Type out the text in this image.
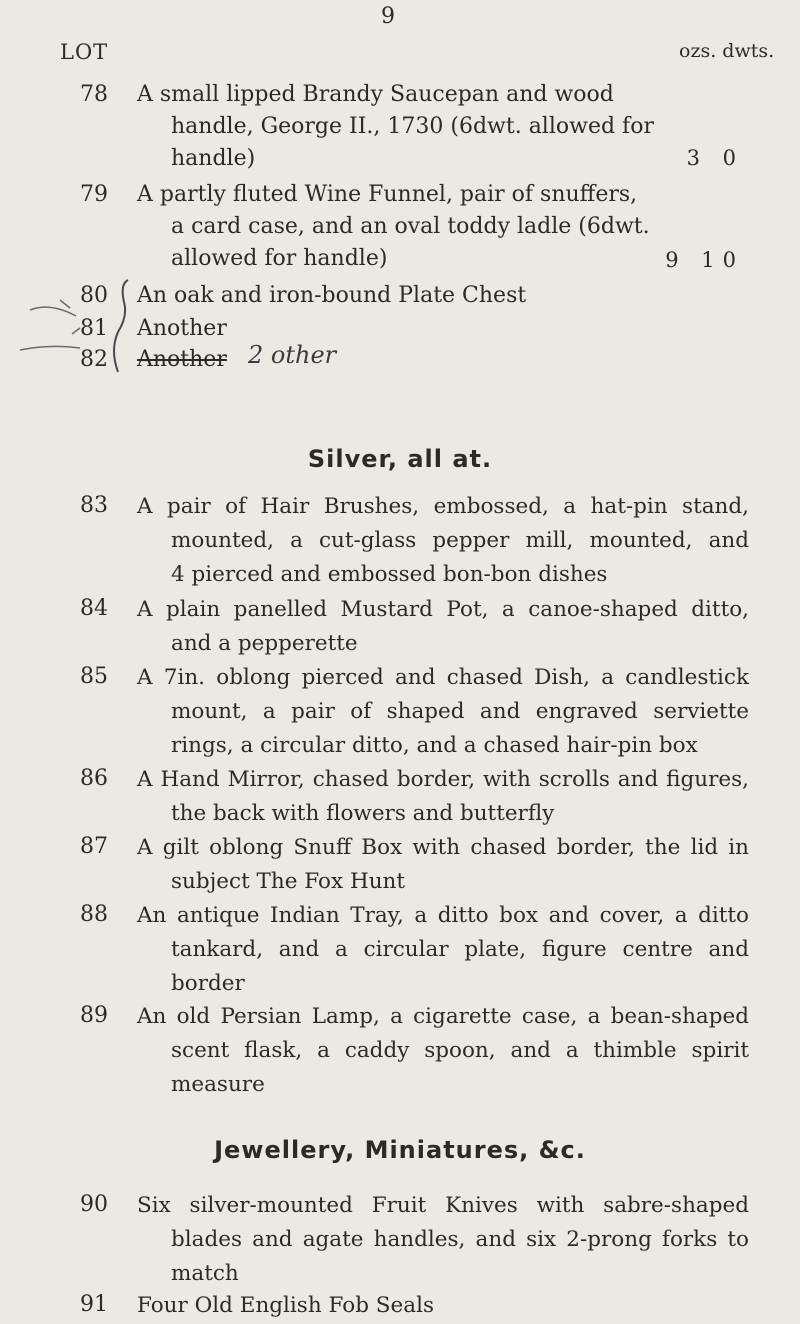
9
LOT	ozs. dwts.
78	A small lipped Brandy Saucepan and wood
handle, George II., 1730 (6dwt. allowed for
handle)	3 0
79	A partly fluted Wine Funnel, pair of snuffers,
a card case, and an oval toddy ladle (6dwt.
allowed for handle)	9 10
80	An oak and iron-bound Plate Chest
81	Another
82	Another 2 other
Silver, all at.
83 A pair of Hair Brushes, embossed, a hat-pin stand,
mounted, a cut-glass pepper mill, mounted, and
4 pierced and embossed bon-bon dishes
84 A plain panelled Mustard Pot, a canoe-shaped ditto,
and a pepperette
85 A 7in. oblong pierced and chased Dish, a candlestick
mount, a pair of shaped and engraved serviette
rings, a circular ditto, and a chased hair-pin box
86 A Hand Mirror, chased border, with scrolls and figures,
the back with flowers and butterfly
87 A gilt oblong Snuff Box with chased border, the lid in
subject The Fox Hunt
88 An antique Indian Tray, a ditto box and cover, a ditto
tankard, and a circular plate, figure centre and
border
89 An old Persian Lamp, a cigarette case, a bean-shaped
scent flask, a caddy spoon, and a thimble spirit
measure
Jewellery, Miniatures, &c.
90 Six silver-mounted Fruit Knives with sabre-shaped
blades and agate handles, and six 2-prong forks to
match
91 Four Old English Fob Seals
